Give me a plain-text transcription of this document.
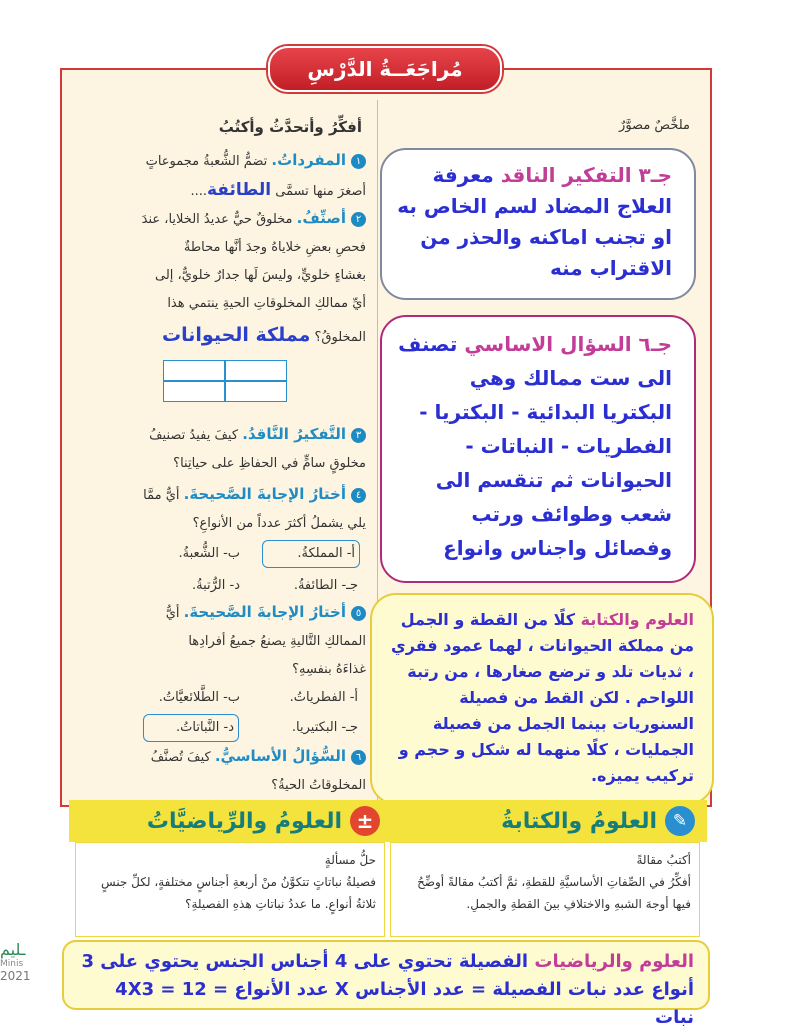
مُراجَعَــةُ الدَّرْسِ
أفكِّرُ وأتحدَّثُ وأكتُبُ	ملخَّصٌ مصوَّرٌ
١المفرداتُ. تضمُّ الشُّعبةُ مجموعاتٍ
أصغرَ منها تسمَّى الطائفة....
٢أصنِّفُ. مخلوقٌ حيٌّ عديدُ الخلايا، عندَ
فحصِ بعضِ خلاياهُ وجدَ أنَّها محاطةٌ
بغشاءٍ خلويٍّ، وليسَ لَها جدارٌ خلويٌّ، إلى
أيِّ ممالكِ المخلوقاتِ الحيةِ ينتمي هذا
المخلوقُ؟ مملكة الحيوانات
٣التَّفكيرُ النَّاقدُ. كيفَ يفيدُ تصنيفُ
مخلوقٍ سامٍّ في الحفاظِ على حياتِنا؟
٤أختارُ الإجابةَ الصَّحيحةَ. أيٌّ ممَّا
يلي يشملُ أكثرَ عدداً من الأنواعِ؟
أ- المملكةُ.
ب- الشُّعبةُ.
جـ- الطائفةُ.
د- الرُّتبةُ.
٥أختارُ الإجابةَ الصَّحيحةَ. أيُّ
الممالكِ التَّاليةِ يصنعُ جميعُ أفرادِها
غذاءَهُ بنفسِهِ؟
أ- الفطرياتُ.
ب- الطَّلائعيَّاتُ.
جـ- البكتيريا.
د- النَّباتاتُ.
٦السُّؤالُ الأساسيُّ. كيفَ تُصنَّفُ
المخلوقاتُ الحيةُ؟
جـ٣ التفكير الناقد معرفة العلاج المضاد لسم الخاص به او تجنب اماكنه والحذر من الاقتراب منه
جـ٦ السؤال الاساسي تصنف الى ست ممالك وهي البكتريا البدائية - البكتريا - الفطريات - النباتات - الحيوانات ثم تنقسم الى شعب وطوائف ورتب وفصائل واجناس وانواع
العلوم والكتابة كلًا من القطة و الجمل من مملكة الحيوانات ، لهما عمود فقري ، ثديات تلد و ترضع صغارها ، من رتبة اللواحم . لكن القط من فصيلة السنوريات بينما الجمل من فصيلة الجمليات ، كلًا منهما له شكل و حجم و تركيب يميزه.
✎
العلومُ والكتابةُ
±
العلومُ والرِّياضيَّاتُ
أكتبُ مقالةً
أفكِّرُ في الصِّفاتِ الأساسيَّةِ للقطةِ، ثمَّ أكتبُ مقالةً أوضِّحُ
فيها أوجهَ الشبهِ والاختلافِ بينَ القطةِ والجملِ.
حلُّ مسألةٍ
فصيلةُ نباتاتٍ تتكوَّنُ منْ أربعةِ أجناسٍ مختلفةٍ، لكلِّ جنسٍ
ثلاثةُ أنواعٍ. ما عددُ نباتاتِ هذهِ الفصيلةِ؟
العلوم والرياضيات الفصيلة تحتوي على 4 أجناس الجنس يحتوي على 3 أنواع عدد نبات الفصيلة = عدد الأجناس X عدد الأنواع = 4X3 = 12 نبات
ـليم
Minis
2021
